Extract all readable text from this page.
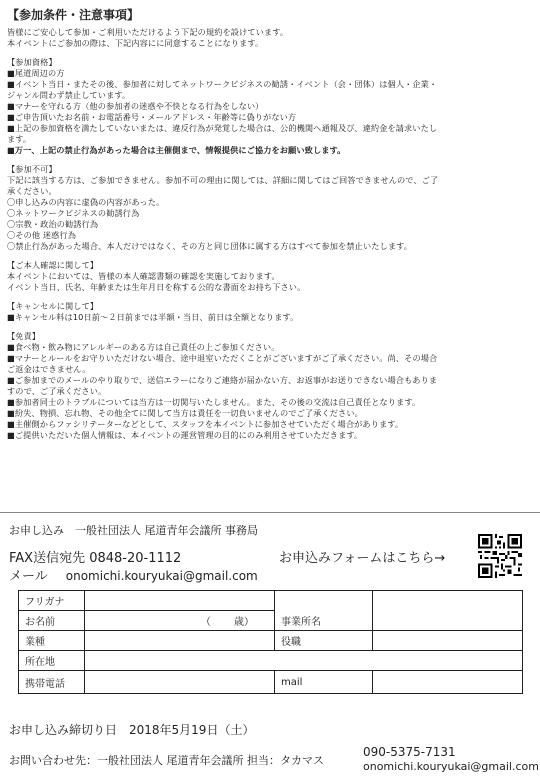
【参加条件・注意事項】

皆様にご安心して参加・ご利用いただけるよう下記の規約を設けています。

本イベントにご参加の際は、下記内容にに同意することになります。

【参加資格】

■尾道周辺の方

■イベント当日・またその後、参加者に対してネットワークビジネスの勧誘・イベント（会・団体）は個人・企業・

ジャンル問わず禁止しています。

■マナーを守れる方（他の参加者の迷惑や不快となる行為をしない）

■ご申告頂いたお名前・お電話番号・メールアドレス・年齢等に偽りがない方

■上記の参加資格を満たしていないまたは、違反行為が発覚した場合は、公的機関へ通報及び、違約金を請求いたし

ます。

■万一、上記の禁止行為があった場合は主催側まで、情報提供にご協力をお願い致します。

【参加不可】

下記に該当する方は、ご参加できません。参加不可の理由に関しては、詳細に関してはご回答できませんので、ご了

承ください。

〇申し込みの内容に虚偽の内容があった。

〇ネットワークビジネスの勧誘行為

〇宗教・政治の勧誘行為

〇その他 迷惑行為

〇禁止行為があった場合、本人だけではなく、その方と同じ団体に属する方はすべて参加を禁止いたします。

【ご本人確認に関して】

本イベントにおいては、皆様の本人確認書類の確認を実施しております。

イベント当日、氏名、年齢または生年月日を称する公的な書面をお持ち下さい。

【キャンセルに関して】

■キャンセル料は10日前～２日前までは半額・当日、前日は全額となります。

【免責】

■食べ物・飲み物にアレルギーのある方は自己責任の上ご参加ください。

■マナーとルールをお守りいただけない場合、途中退室いただくことがございますがご了承ください。尚、その場合

ご返金はできません。

■ご参加までのメールのやり取りで、送信エラーになりご連絡が届かない方、お返事がお送りできない場合もありま

すので、ご了承ください。

■参加者同士のトラブルについては当方は一切関与いたしません。また、その後の交流は自己責任となります。

■紛失、物損、忘れ物、その他全てに関して当方は責任を一切負いませんのでご了承ください。

■主催側からファシリテーターなどとして、スタッフを本イベントに参加させていただく場合があります。

■ご提供いただいた個人情報は、本イベントの運営管理の目的にのみ利用させていただきます。

お申し込み　一般社団法人 尾道青年会議所 事務局
FAX送信宛先 0848-20-1112
メール onomichi.kouryukai@gmail.com
お申込みフォームはこちら→
フリガナ			
お名前	（　　 歳）	事業所名	
業種		役職	
所在地			
携帯電話		mail	
お申し込み締切り日　2018年5月19日（土）
お問い合わせ先：一般社団法人 尾道青年会議所 担当：タカマス
090-5375-7131
onomichi.kouryukai@gmail.com
